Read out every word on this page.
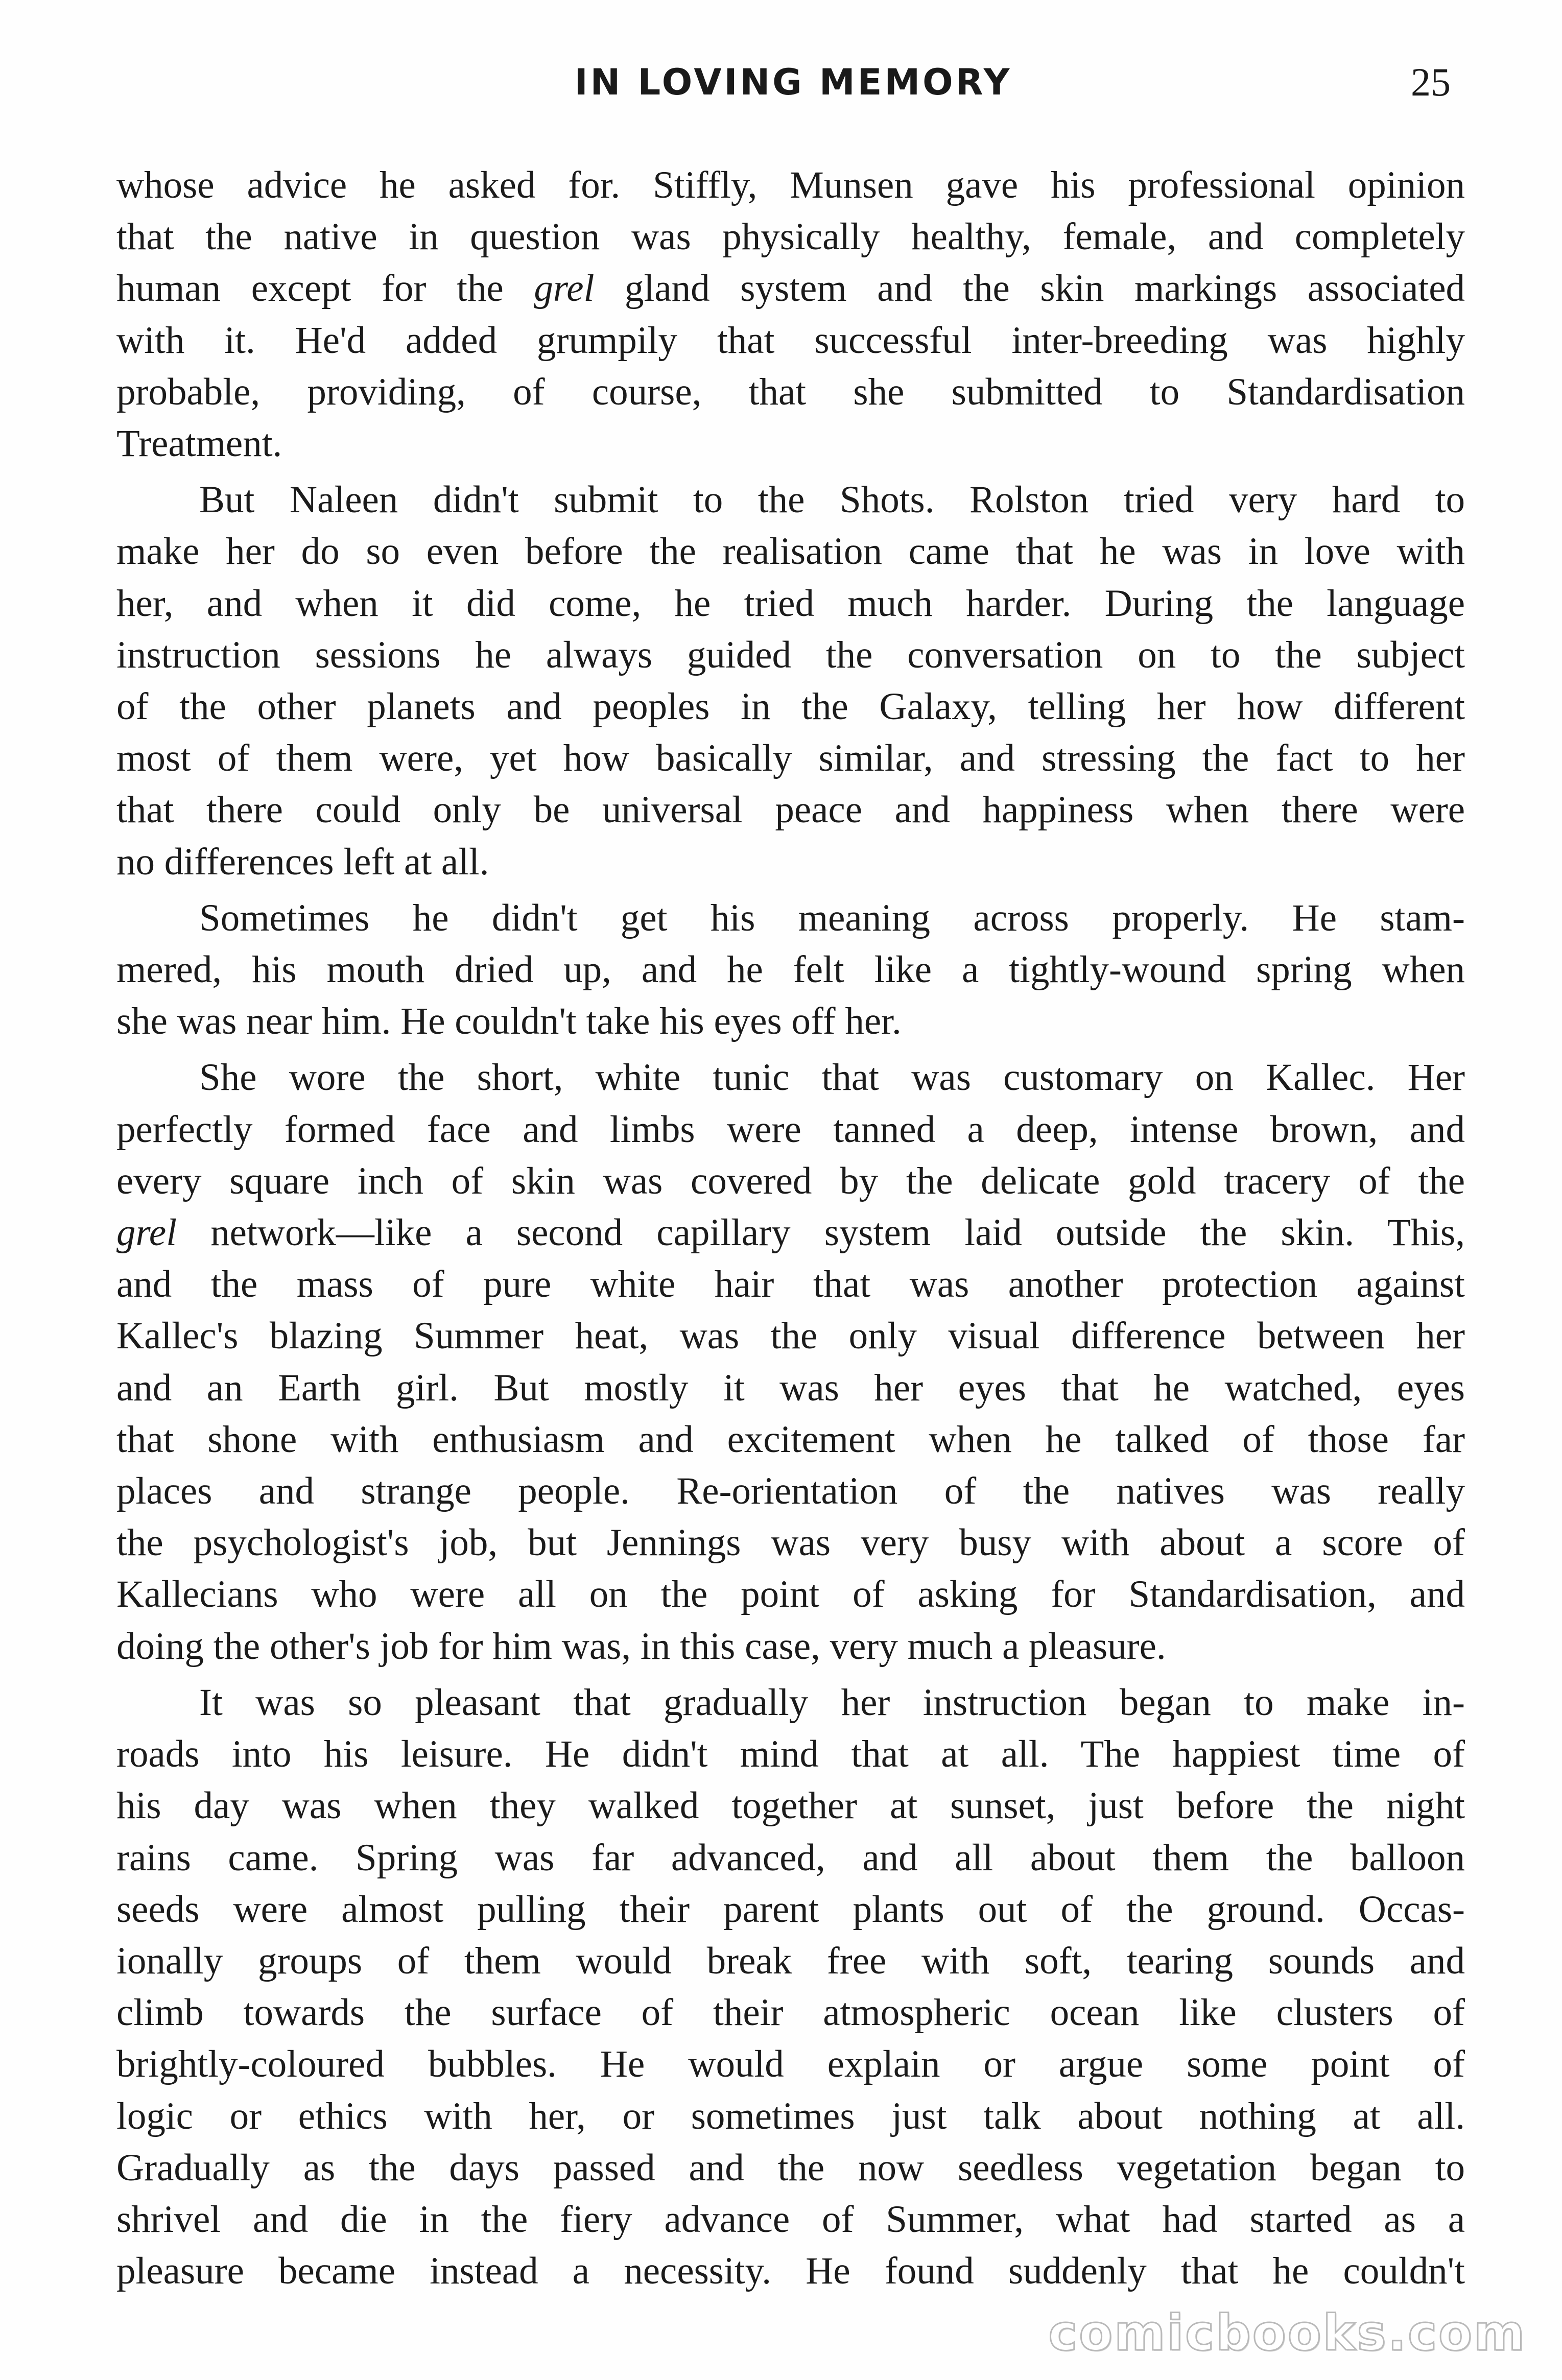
IN LOVING MEMORY	25

whose advice he asked for. Stiffly, Munsen gave his professional opinion
that the native in question was physically healthy, female, and completely
human except for the grel gland system and the skin markings associated
with it. He'd added grumpily that successful inter-breeding was highly
probable, providing, of course, that she submitted to Standardisation
Treatment.

But Naleen didn't submit to the Shots. Rolston tried very hard to
make her do so even before the realisation came that he was in love with
her, and when it did come, he tried much harder. During the language
instruction sessions he always guided the conversation on to the subject
of the other planets and peoples in the Galaxy, telling her how different
most of them were, yet how basically similar, and stressing the fact to her
that there could only be universal peace and happiness when there were
no differences left at all.

Sometimes he didn't get his meaning across properly. He stam-
mered, his mouth dried up, and he felt like a tightly-wound spring when
she was near him. He couldn't take his eyes off her.

She wore the short, white tunic that was customary on Kallec. Her
perfectly formed face and limbs were tanned a deep, intense brown, and
every square inch of skin was covered by the delicate gold tracery of the
grel network—like a second capillary system laid outside the skin. This,
and the mass of pure white hair that was another protection against
Kallec's blazing Summer heat, was the only visual difference between her
and an Earth girl. But mostly it was her eyes that he watched, eyes
that shone with enthusiasm and excitement when he talked of those far
places and strange people. Re-orientation of the natives was really
the psychologist's job, but Jennings was very busy with about a score of
Kallecians who were all on the point of asking for Standardisation, and
doing the other's job for him was, in this case, very much a pleasure.

It was so pleasant that gradually her instruction began to make in-
roads into his leisure. He didn't mind that at all. The happiest time of
his day was when they walked together at sunset, just before the night
rains came. Spring was far advanced, and all about them the balloon
seeds were almost pulling their parent plants out of the ground. Occas-
ionally groups of them would break free with soft, tearing sounds and
climb towards the surface of their atmospheric ocean like clusters of
brightly-coloured bubbles. He would explain or argue some point of
logic or ethics with her, or sometimes just talk about nothing at all.
Gradually as the days passed and the now seedless vegetation began to
shrivel and die in the fiery advance of Summer, what had started as a
pleasure became instead a necessity. He found suddenly that he couldn't

comicbooks.com
